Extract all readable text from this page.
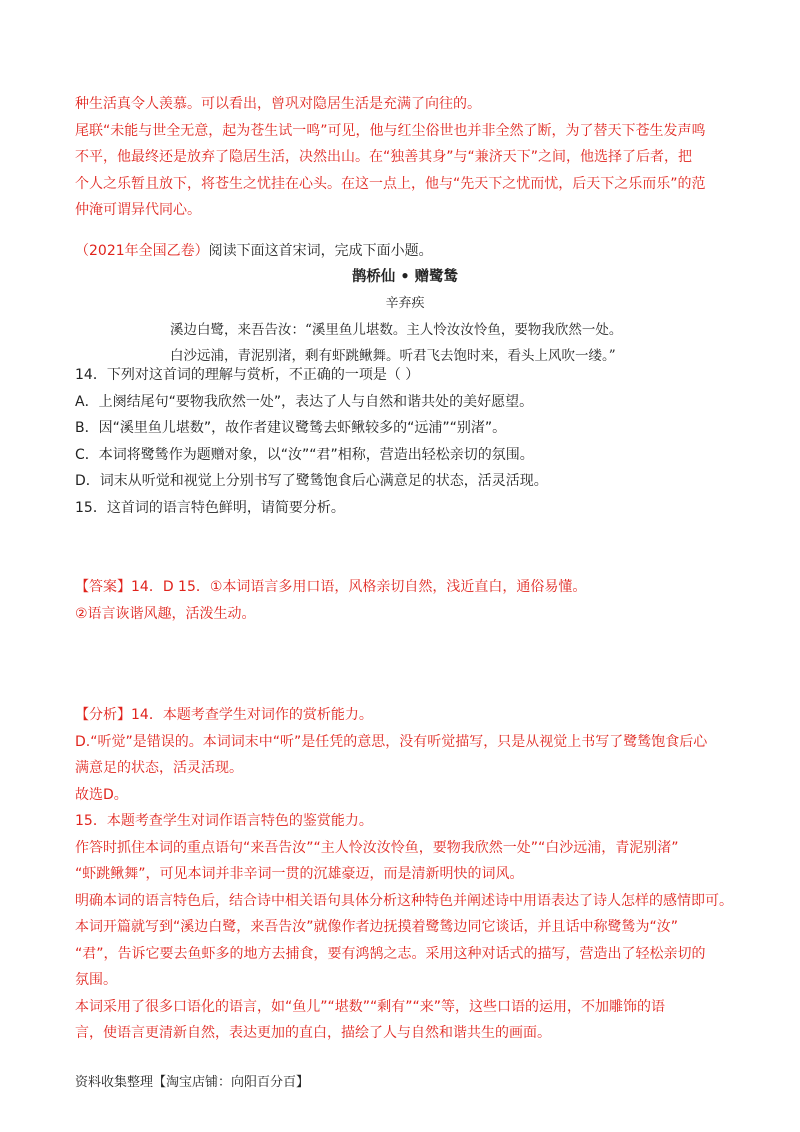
种生活真令人羡慕。可以看出，曾巩对隐居生活是充满了向往的。

尾联“未能与世全无意，起为苍生试一鸣”可见，他与红尘俗世也并非全然了断，为了替天下苍生发声鸣

不平，他最终还是放弃了隐居生活，决然出山。在“独善其身”与“兼济天下”之间，他选择了后者，把

个人之乐暂且放下，将苍生之忧挂在心头。在这一点上，他与“先天下之忧而忧，后天下之乐而乐”的范

仲淹可谓异代同心。

（2021年全国乙卷）阅读下面这首宋词，完成下面小题。

鹊桥仙 • 赠鹭鸶

辛弃疾

溪边白鹭，来吾告汝：“溪里鱼儿堪数。主人怜汝汝怜鱼，要物我欣然一处。

白沙远浦，青泥别渚，剩有虾跳鳅舞。听君飞去饱时来，看头上风吹一缕。”

14．下列对这首词的理解与赏析，不正确的一项是（ ）

A．上阕结尾句“要物我欣然一处”，表达了人与自然和谐共处的美好愿望。

B．因“溪里鱼儿堪数”，故作者建议鹭鸶去虾鳅较多的“远浦”“别渚”。

C．本词将鹭鸶作为题赠对象，以“汝”“君”相称，营造出轻松亲切的氛围。

D．词末从听觉和视觉上分别书写了鹭鸶饱食后心满意足的状态，活灵活现。

15．这首词的语言特色鲜明，请简要分析。

【答案】14．D 15．①本词语言多用口语，风格亲切自然，浅近直白，通俗易懂。

②语言诙谐风趣，活泼生动。

【分析】14．本题考查学生对词作的赏析能力。

D.“听觉”是错误的。本词词末中“听”是任凭的意思，没有听觉描写，只是从视觉上书写了鹭鸶饱食后心

满意足的状态，活灵活现。

故选D。

15．本题考查学生对词作语言特色的鉴赏能力。

作答时抓住本词的重点语句“来吾告汝”“主人怜汝汝怜鱼，要物我欣然一处”“白沙远浦，青泥别渚”

“虾跳鳅舞”，可见本词并非辛词一贯的沉雄豪迈，而是清新明快的词风。

明确本词的语言特色后，结合诗中相关语句具体分析这种特色并阐述诗中用语表达了诗人怎样的感情即可。

本词开篇就写到“溪边白鹭，来吾告汝”就像作者边抚摸着鹭鸶边同它谈话，并且话中称鹭鸶为“汝”

“君”，告诉它要去鱼虾多的地方去捕食，要有鸿鹄之志。采用这种对话式的描写，营造出了轻松亲切的

氛围。

本词采用了很多口语化的语言，如“鱼儿”“堪数”“剩有”“来”等，这些口语的运用，不加雕饰的语

言，使语言更清新自然，表达更加的直白，描绘了人与自然和谐共生的画面。

资料收集整理【淘宝店铺：向阳百分百】
